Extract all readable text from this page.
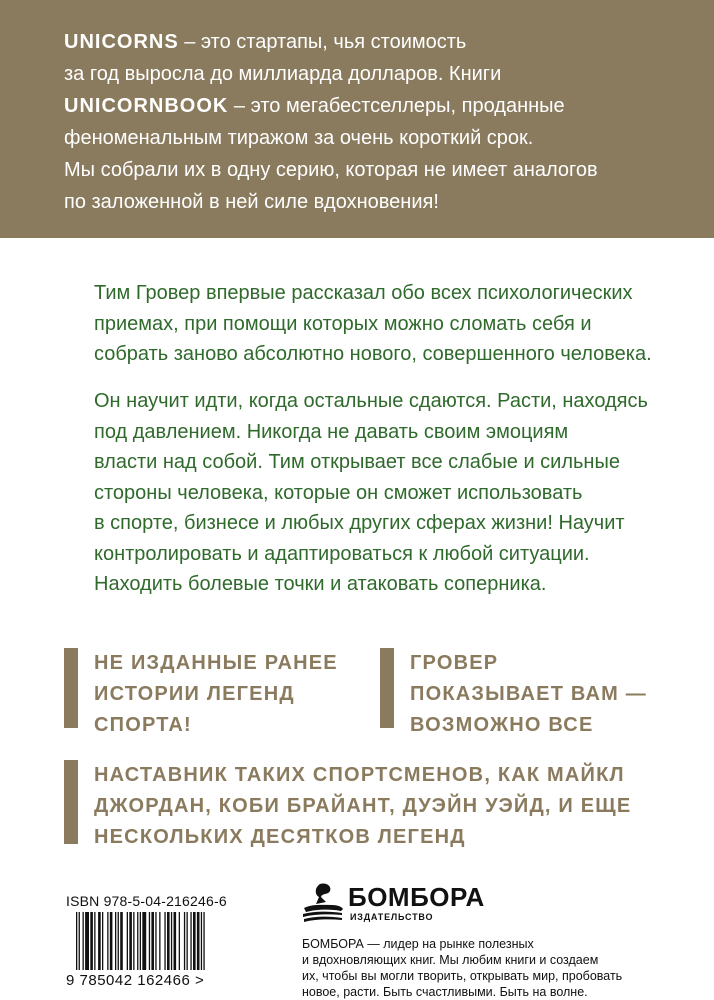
UNICORNS – это стартапы, чья стоимость
за год выросла до миллиарда долларов. Книги
UNICORNBOOK – это мегабестселлеры, проданные
феноменальным тиражом за очень короткий срок.
Мы собрали их в одну серию, которая не имеет аналогов
по заложенной в ней силе вдохновения!
Тим Гровер впервые рассказал обо всех психологических
приемах, при помощи которых можно сломать себя и
собрать заново абсолютно нового, совершенного человека.
Он научит идти, когда остальные сдаются. Расти, находясь
под давлением. Никогда не давать своим эмоциям
власти над собой. Тим открывает все слабые и сильные
стороны человека, которые он сможет использовать
в спорте, бизнесе и любых других сферах жизни! Научит
контролировать и адаптироваться к любой ситуации.
Находить болевые точки и атаковать соперника.
НЕ ИЗДАННЫЕ РАНЕЕ
ИСТОРИИ ЛЕГЕНД
СПОРТА!
ГРОВЕР
ПОКАЗЫВАЕТ ВАМ —
ВОЗМОЖНО ВСЕ
НАСТАВНИК ТАКИХ СПОРТСМЕНОВ, КАК МАЙКЛ
ДЖОРДАН, КОБИ БРАЙАНТ, ДУЭЙН УЭЙД, И ЕЩЕ
НЕСКОЛЬКИХ ДЕСЯТКОВ ЛЕГЕНД
ISBN 978-5-04-216246-6
9 785042 162466 >
БОМБОРА
ИЗДАТЕЛЬСТВО
БОМБОРА — лидер на рынке полезных
и вдохновляющих книг. Мы любим книги и создаем
их, чтобы вы могли творить, открывать мир, пробовать
новое, расти. Быть счастливыми. Быть на волне.
